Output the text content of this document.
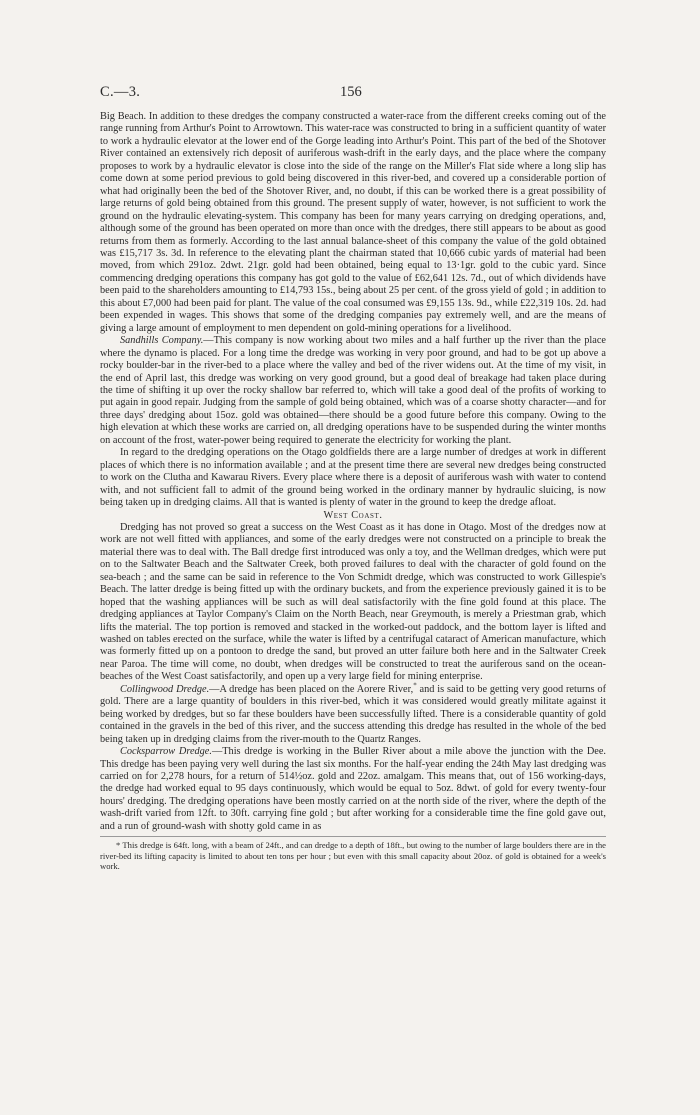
C.—3.	156

Big Beach. In addition to these dredges the company constructed a water-race from the different creeks coming out of the range running from Arthur's Point to Arrowtown. This water-race was constructed to bring in a sufficient quantity of water to work a hydraulic elevator at the lower end of the Gorge leading into Arthur's Point. This part of the bed of the Shotover River contained an extensively rich deposit of auriferous wash-drift in the early days, and the place where the company proposes to work by a hydraulic elevator is close into the side of the range on the Miller's Flat side where a long slip has come down at some period previous to gold being discovered in this river-bed, and covered up a considerable portion of what had originally been the bed of the Shotover River, and, no doubt, if this can be worked there is a great possibility of large returns of gold being obtained from this ground. The present supply of water, however, is not sufficient to work the ground on the hydraulic elevating-system. This company has been for many years carrying on dredging operations, and, although some of the ground has been operated on more than once with the dredges, there still appears to be about as good returns from them as formerly. According to the last annual balance-sheet of this company the value of the gold obtained was £15,717 3s. 3d. In reference to the elevating plant the chairman stated that 10,666 cubic yards of material had been moved, from which 291oz. 2dwt. 21gr. gold had been obtained, being equal to 13·1gr. gold to the cubic yard. Since commencing dredging operations this company has got gold to the value of £62,641 12s. 7d., out of which dividends have been paid to the shareholders amounting to £14,793 15s., being about 25 per cent. of the gross yield of gold ; in addition to this about £7,000 had been paid for plant. The value of the coal consumed was £9,155 13s. 9d., while £22,319 10s. 2d. had been expended in wages. This shows that some of the dredging companies pay extremely well, and are the means of giving a large amount of employment to men dependent on gold-mining operations for a livelihood.

Sandhills Company.—This company is now working about two miles and a half further up the river than the place where the dynamo is placed. For a long time the dredge was working in very poor ground, and had to be got up above a rocky boulder-bar in the river-bed to a place where the valley and bed of the river widens out. At the time of my visit, in the end of April last, this dredge was working on very good ground, but a good deal of breakage had taken place during the time of shifting it up over the rocky shallow bar referred to, which will take a good deal of the profits of working to put again in good repair. Judging from the sample of gold being obtained, which was of a coarse shotty character—and for three days' dredging about 15oz. gold was obtained—there should be a good future before this company. Owing to the high elevation at which these works are carried on, all dredging operations have to be suspended during the winter months on account of the frost, water-power being required to generate the electricity for working the plant.

In regard to the dredging operations on the Otago goldfields there are a large number of dredges at work in different places of which there is no information available ; and at the present time there are several new dredges being constructed to work on the Clutha and Kawarau Rivers. Every place where there is a deposit of auriferous wash with water to contend with, and not sufficient fall to admit of the ground being worked in the ordinary manner by hydraulic sluicing, is now being taken up in dredging claims. All that is wanted is plenty of water in the ground to keep the dredge afloat.

West Coast.

Dredging has not proved so great a success on the West Coast as it has done in Otago. Most of the dredges now at work are not well fitted with appliances, and some of the early dredges were not constructed on a principle to break the material there was to deal with. The Ball dredge first introduced was only a toy, and the Wellman dredges, which were put on to the Saltwater Beach and the Saltwater Creek, both proved failures to deal with the character of gold found on the sea-beach ; and the same can be said in reference to the Von Schmidt dredge, which was constructed to work Gillespie's Beach. The latter dredge is being fitted up with the ordinary buckets, and from the experience previously gained it is to be hoped that the washing appliances will be such as will deal satisfactorily with the fine gold found at this place. The dredging appliances at Taylor Company's Claim on the North Beach, near Greymouth, is merely a Priestman grab, which lifts the material. The top portion is removed and stacked in the worked-out paddock, and the bottom layer is lifted and washed on tables erected on the surface, while the water is lifted by a centrifugal cataract of American manufacture, which was formerly fitted up on a pontoon to dredge the sand, but proved an utter failure both here and in the Saltwater Creek near Paroa. The time will come, no doubt, when dredges will be constructed to treat the auriferous sand on the ocean-beaches of the West Coast satisfactorily, and open up a very large field for mining enterprise.

Collingwood Dredge.—A dredge has been placed on the Aorere River,* and is said to be getting very good returns of gold. There are a large quantity of boulders in this river-bed, which it was considered would greatly militate against it being worked by dredges, but so far these boulders have been successfully lifted. There is a considerable quantity of gold contained in the gravels in the bed of this river, and the success attending this dredge has resulted in the whole of the bed being taken up in dredging claims from the river-mouth to the Quartz Ranges.

Cocksparrow Dredge.—This dredge is working in the Buller River about a mile above the junction with the Dee. This dredge has been paying very well during the last six months. For the half-year ending the 24th May last dredging was carried on for 2,278 hours, for a return of 514½oz. gold and 22oz. amalgam. This means that, out of 156 working-days, the dredge had worked equal to 95 days continuously, which would be equal to 5oz. 8dwt. of gold for every twenty-four hours' dredging. The dredging operations have been mostly carried on at the north side of the river, where the depth of the wash-drift varied from 12ft. to 30ft. carrying fine gold ; but after working for a considerable time the fine gold gave out, and a run of ground-wash with shotty gold came in as

* This dredge is 64ft. long, with a beam of 24ft., and can dredge to a depth of 18ft., but owing to the number of large boulders there are in the river-bed its lifting capacity is limited to about ten tons per hour ; but even with this small capacity about 20oz. of gold is obtained for a week's work.
